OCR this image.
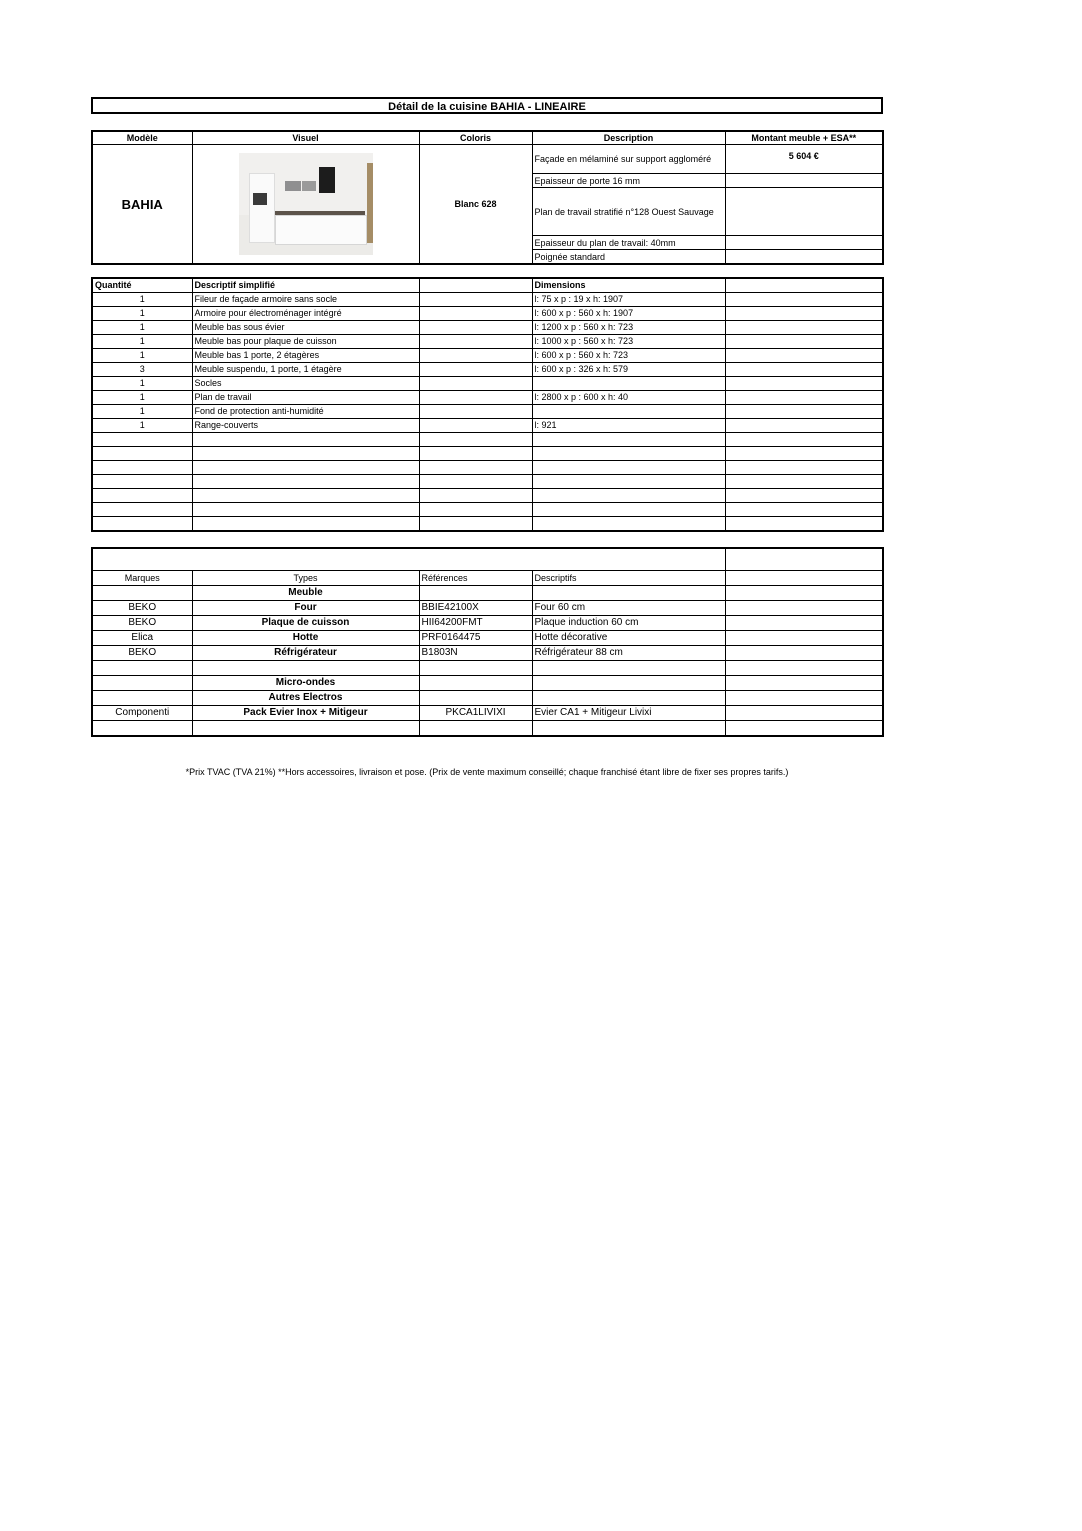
Détail de la cuisine BAHIA - LINEAIRE
Modèle	Visuel	Coloris	Description	Montant meuble + ESA**
BAHIA		Blanc 628	Façade en mélaminé sur support aggloméré	5 604 €
			Epaisseur de porte 16 mm	
			Plan de travail stratifié n°128 Ouest Sauvage	
			Epaisseur du plan de travail: 40mm	
			Poignée standard	
Quantité	Descriptif simplifié		Dimensions	
1	Fileur de façade armoire sans socle		l: 75 x p : 19 x h: 1907	
1	Armoire pour électroménager intégré		l: 600 x p : 560 x h: 1907	
1	Meuble bas sous évier		l: 1200 x p : 560 x h: 723	
1	Meuble bas pour plaque de cuisson		l: 1000 x p : 560 x h: 723	
1	Meuble bas 1 porte, 2 étagères		l: 600 x p : 560 x h: 723	
3	Meuble suspendu, 1 porte, 1 étagère		l: 600 x p : 326 x h: 579	
1	Socles			
1	Plan de travail		l: 2800 x p : 600 x h: 40	
1	Fond de protection anti-humidité			
1	Range-couverts		l: 921	

Marques	Types	Références	Descriptifs	
	Meuble			
BEKO	Four	BBIE42100X	Four 60 cm	
BEKO	Plaque de cuisson	HII64200FMT	Plaque induction 60 cm	
Elica	Hotte	PRF0164475	Hotte décorative	
BEKO	Réfrigérateur	B1803N	Réfrigérateur 88 cm	

	Micro-ondes			
	Autres Electros			
Componenti	Pack Evier Inox + Mitigeur	PKCA1LIVIXI	Evier CA1 + Mitigeur Livixi	

*Prix TVAC (TVA 21%) **Hors accessoires, livraison et pose. (Prix de vente maximum conseillé; chaque franchisé étant libre de fixer ses propres tarifs.)
